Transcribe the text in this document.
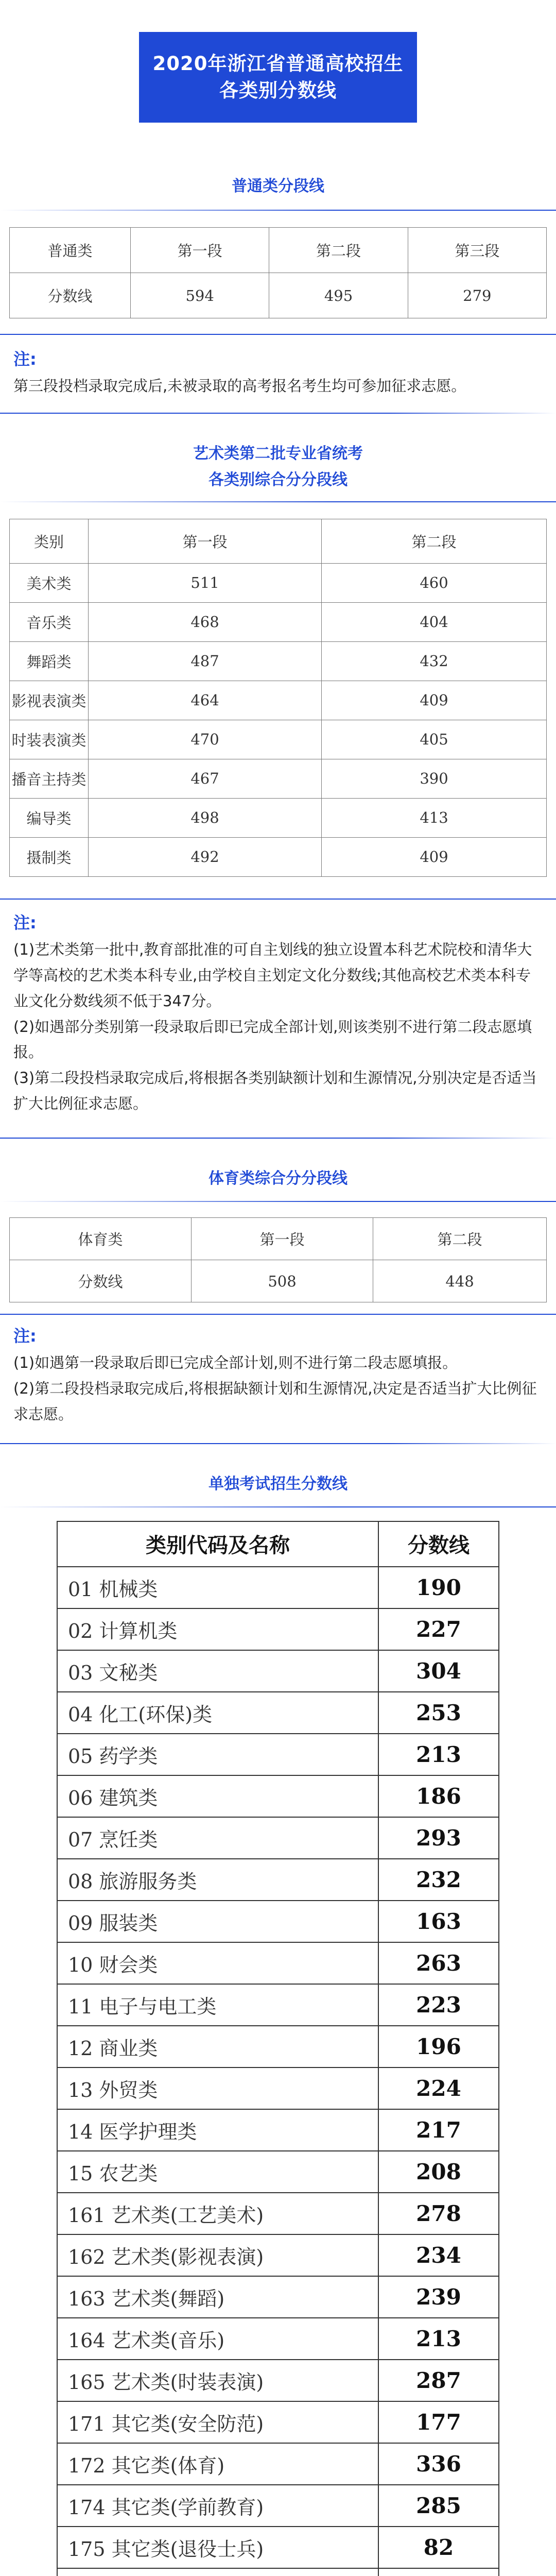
2020年浙江省普通高校招生
各类别分数线
普通类分段线
普通类	第一段	第二段	第三段
分数线	594	495	279
注:
第三段投档录取完成后,未被录取的高考报名考生均可参加征求志愿。
艺术类第二批专业省统考
各类别综合分分段线
类别	第一段	第二段
美术类	511	460
音乐类	468	404
舞蹈类	487	432
影视表演类	464	409
时装表演类	470	405
播音主持类	467	390
编导类	498	413
摄制类	492	409
注:
(1)艺术类第一批中,教育部批准的可自主划线的独立设置本科艺术院校和清华大学等高校的艺术类本科专业,由学校自主划定文化分数线;其他高校艺术类本科专业文化分数线须不低于347分。
(2)如遇部分类别第一段录取后即已完成全部计划,则该类别不进行第二段志愿填报。
(3)第二段投档录取完成后,将根据各类别缺额计划和生源情况,分别决定是否适当扩大比例征求志愿。
体育类综合分分段线
体育类	第一段	第二段
分数线	508	448
注:
(1)如遇第一段录取后即已完成全部计划,则不进行第二段志愿填报。
(2)第二段投档录取完成后,将根据缺额计划和生源情况,决定是否适当扩大比例征求志愿。
单独考试招生分数线
类别代码及名称	分数线
01 机械类	190
02 计算机类	227
03 文秘类	304
04 化工(环保)类	253
05 药学类	213
06 建筑类	186
07 烹饪类	293
08 旅游服务类	232
09 服装类	163
10 财会类	263
11 电子与电工类	223
12 商业类	196
13 外贸类	224
14 医学护理类	217
15 农艺类	208
161 艺术类(工艺美术)	278
162 艺术类(影视表演)	234
163 艺术类(舞蹈)	239
164 艺术类(音乐)	213
165 艺术类(时装表演)	287
171 其它类(安全防范)	177
172 其它类(体育)	336
174 其它类(学前教育)	285
175 其它类(退役士兵)	82
